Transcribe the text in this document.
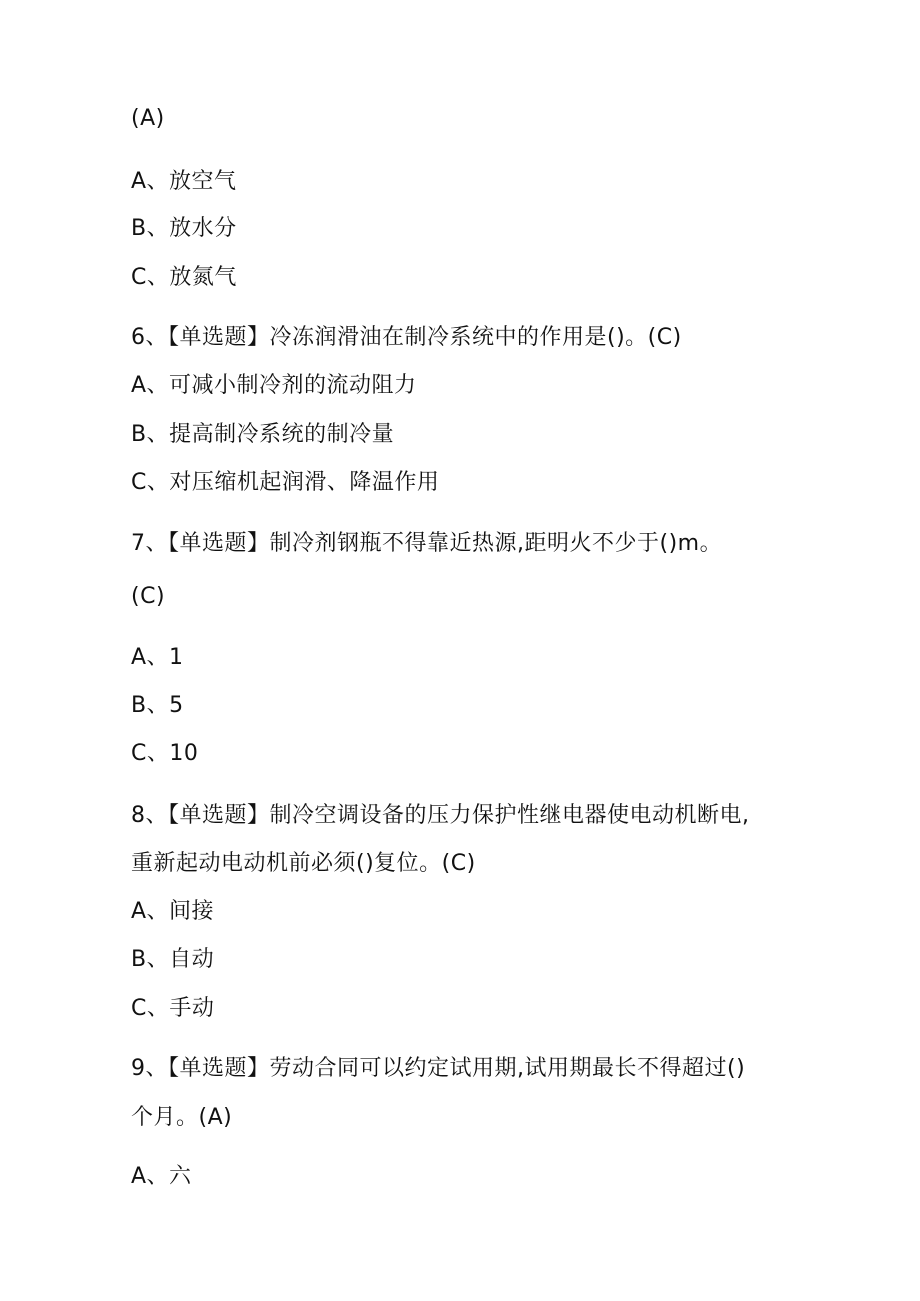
(A)
A、放空气
B、放水分
C、放氮气
6、【单选题】冷冻润滑油在制冷系统中的作用是()。(C)
A、可减小制冷剂的流动阻力
B、提高制冷系统的制冷量
C、对压缩机起润滑、降温作用
7、【单选题】制冷剂钢瓶不得靠近热源,距明火不少于()m。
(C)
A、1
B、5
C、10
8、【单选题】制冷空调设备的压力保护性继电器使电动机断电,
重新起动电动机前必须()复位。(C)
A、间接
B、自动
C、手动
9、【单选题】劳动合同可以约定试用期,试用期最长不得超过()
个月。(A)
A、六
